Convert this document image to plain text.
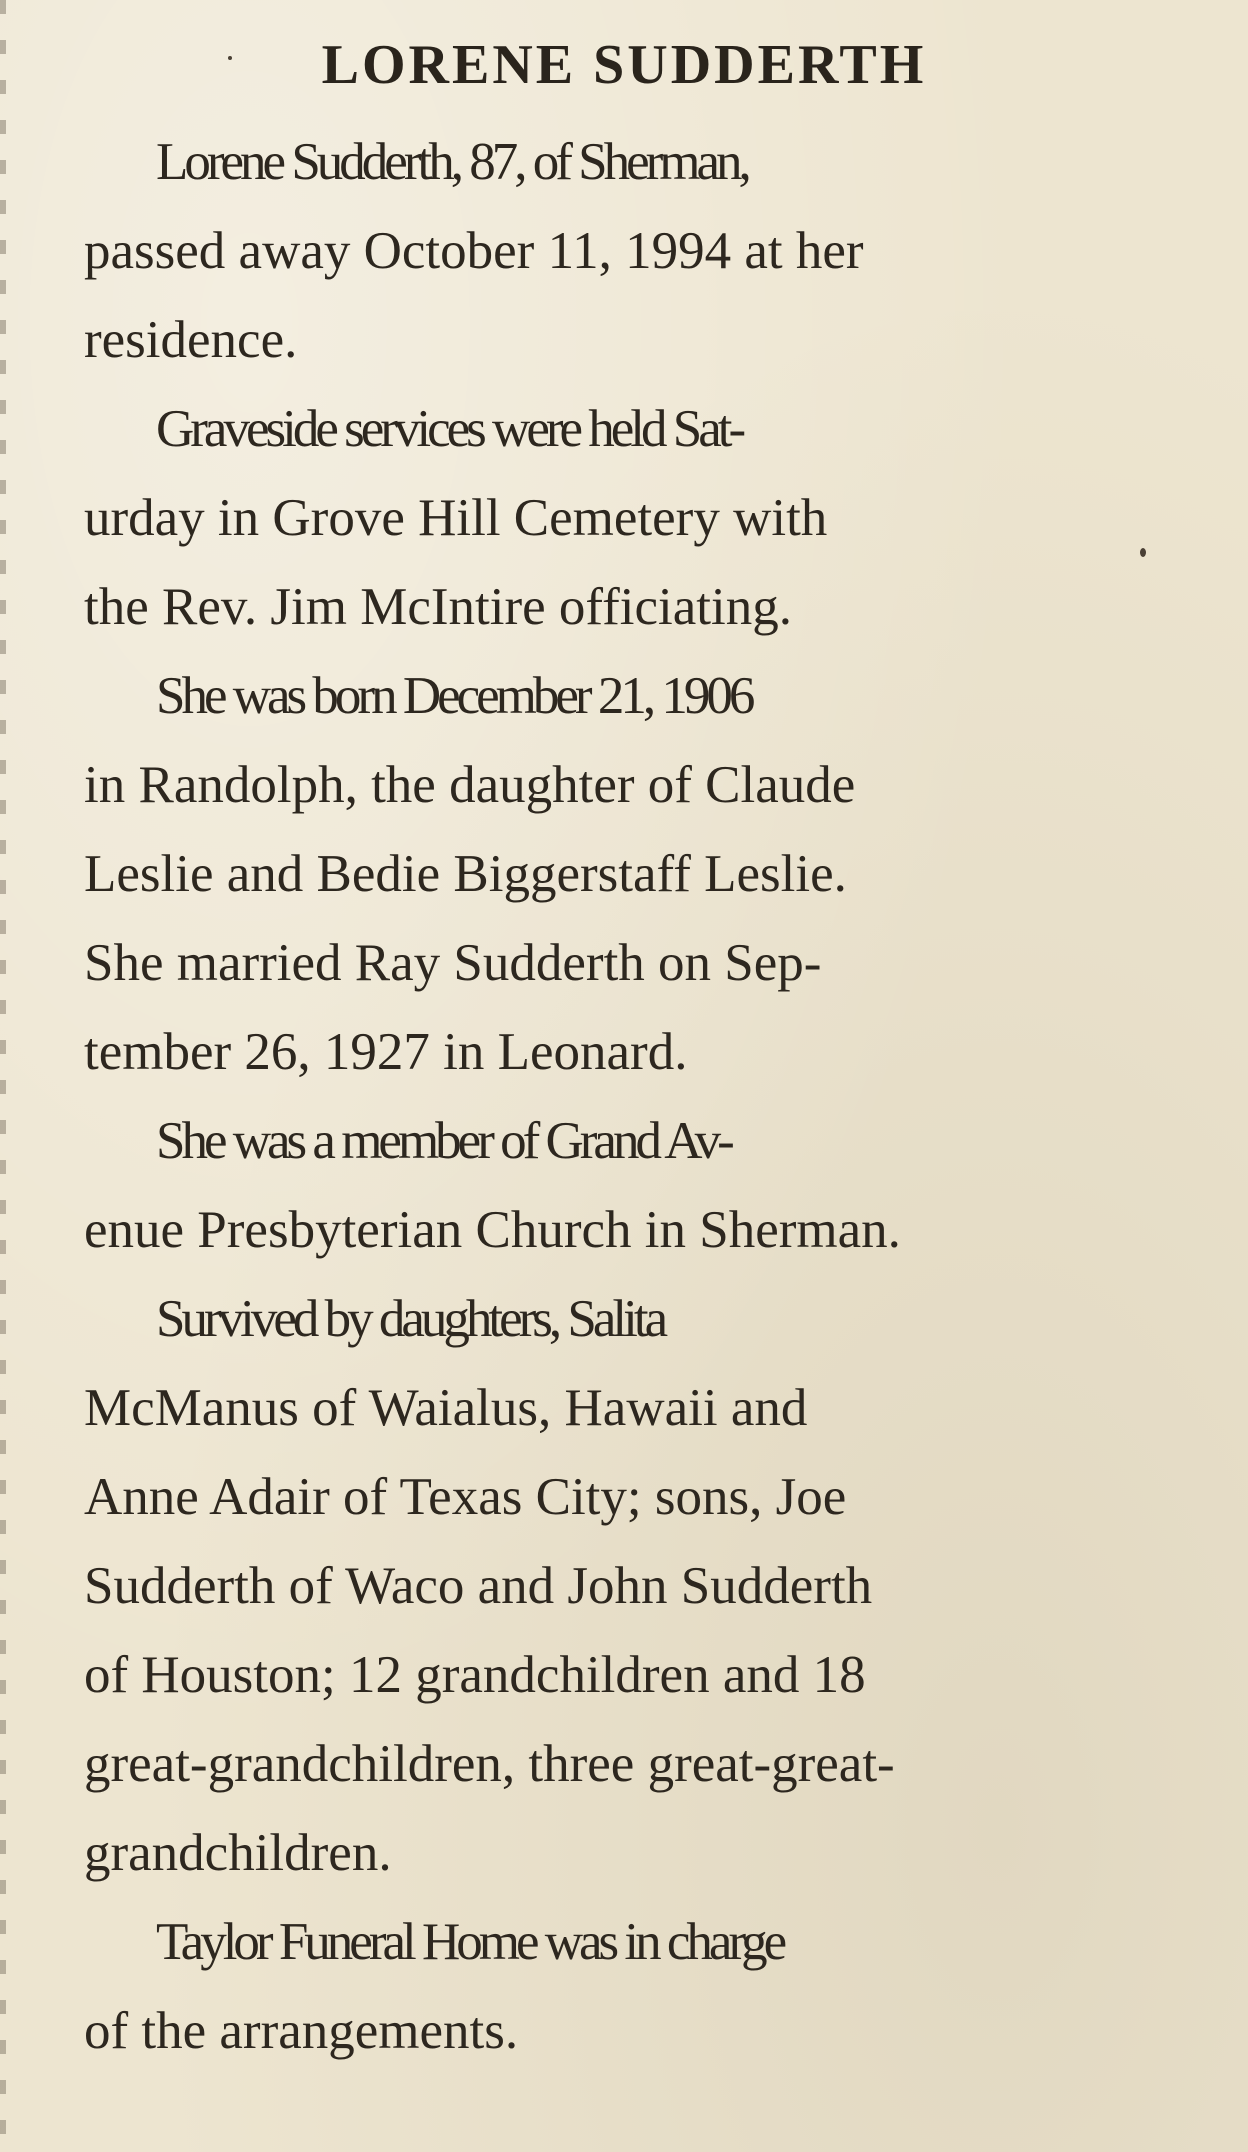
LORENE SUDDERTH

Lorene Sudderth, 87, of Sherman,
passed away October 11, 1994 at her
residence.

Graveside services were held Sat-
urday in Grove Hill Cemetery with
the Rev. Jim McIntire officiating.

She was born December 21, 1906
in Randolph, the daughter of Claude
Leslie and Bedie Biggerstaff Leslie.
She married Ray Sudderth on Sep-
tember 26, 1927 in Leonard.

She was a member of Grand Av-
enue Presbyterian Church in Sherman.

Survived by daughters, Salita
McManus of Waialus, Hawaii and
Anne Adair of Texas City; sons, Joe
Sudderth of Waco and John Sudderth
of Houston; 12 grandchildren and 18
great-grandchildren, three great-great-
grandchildren.

Taylor Funeral Home was in charge
of the arrangements.
